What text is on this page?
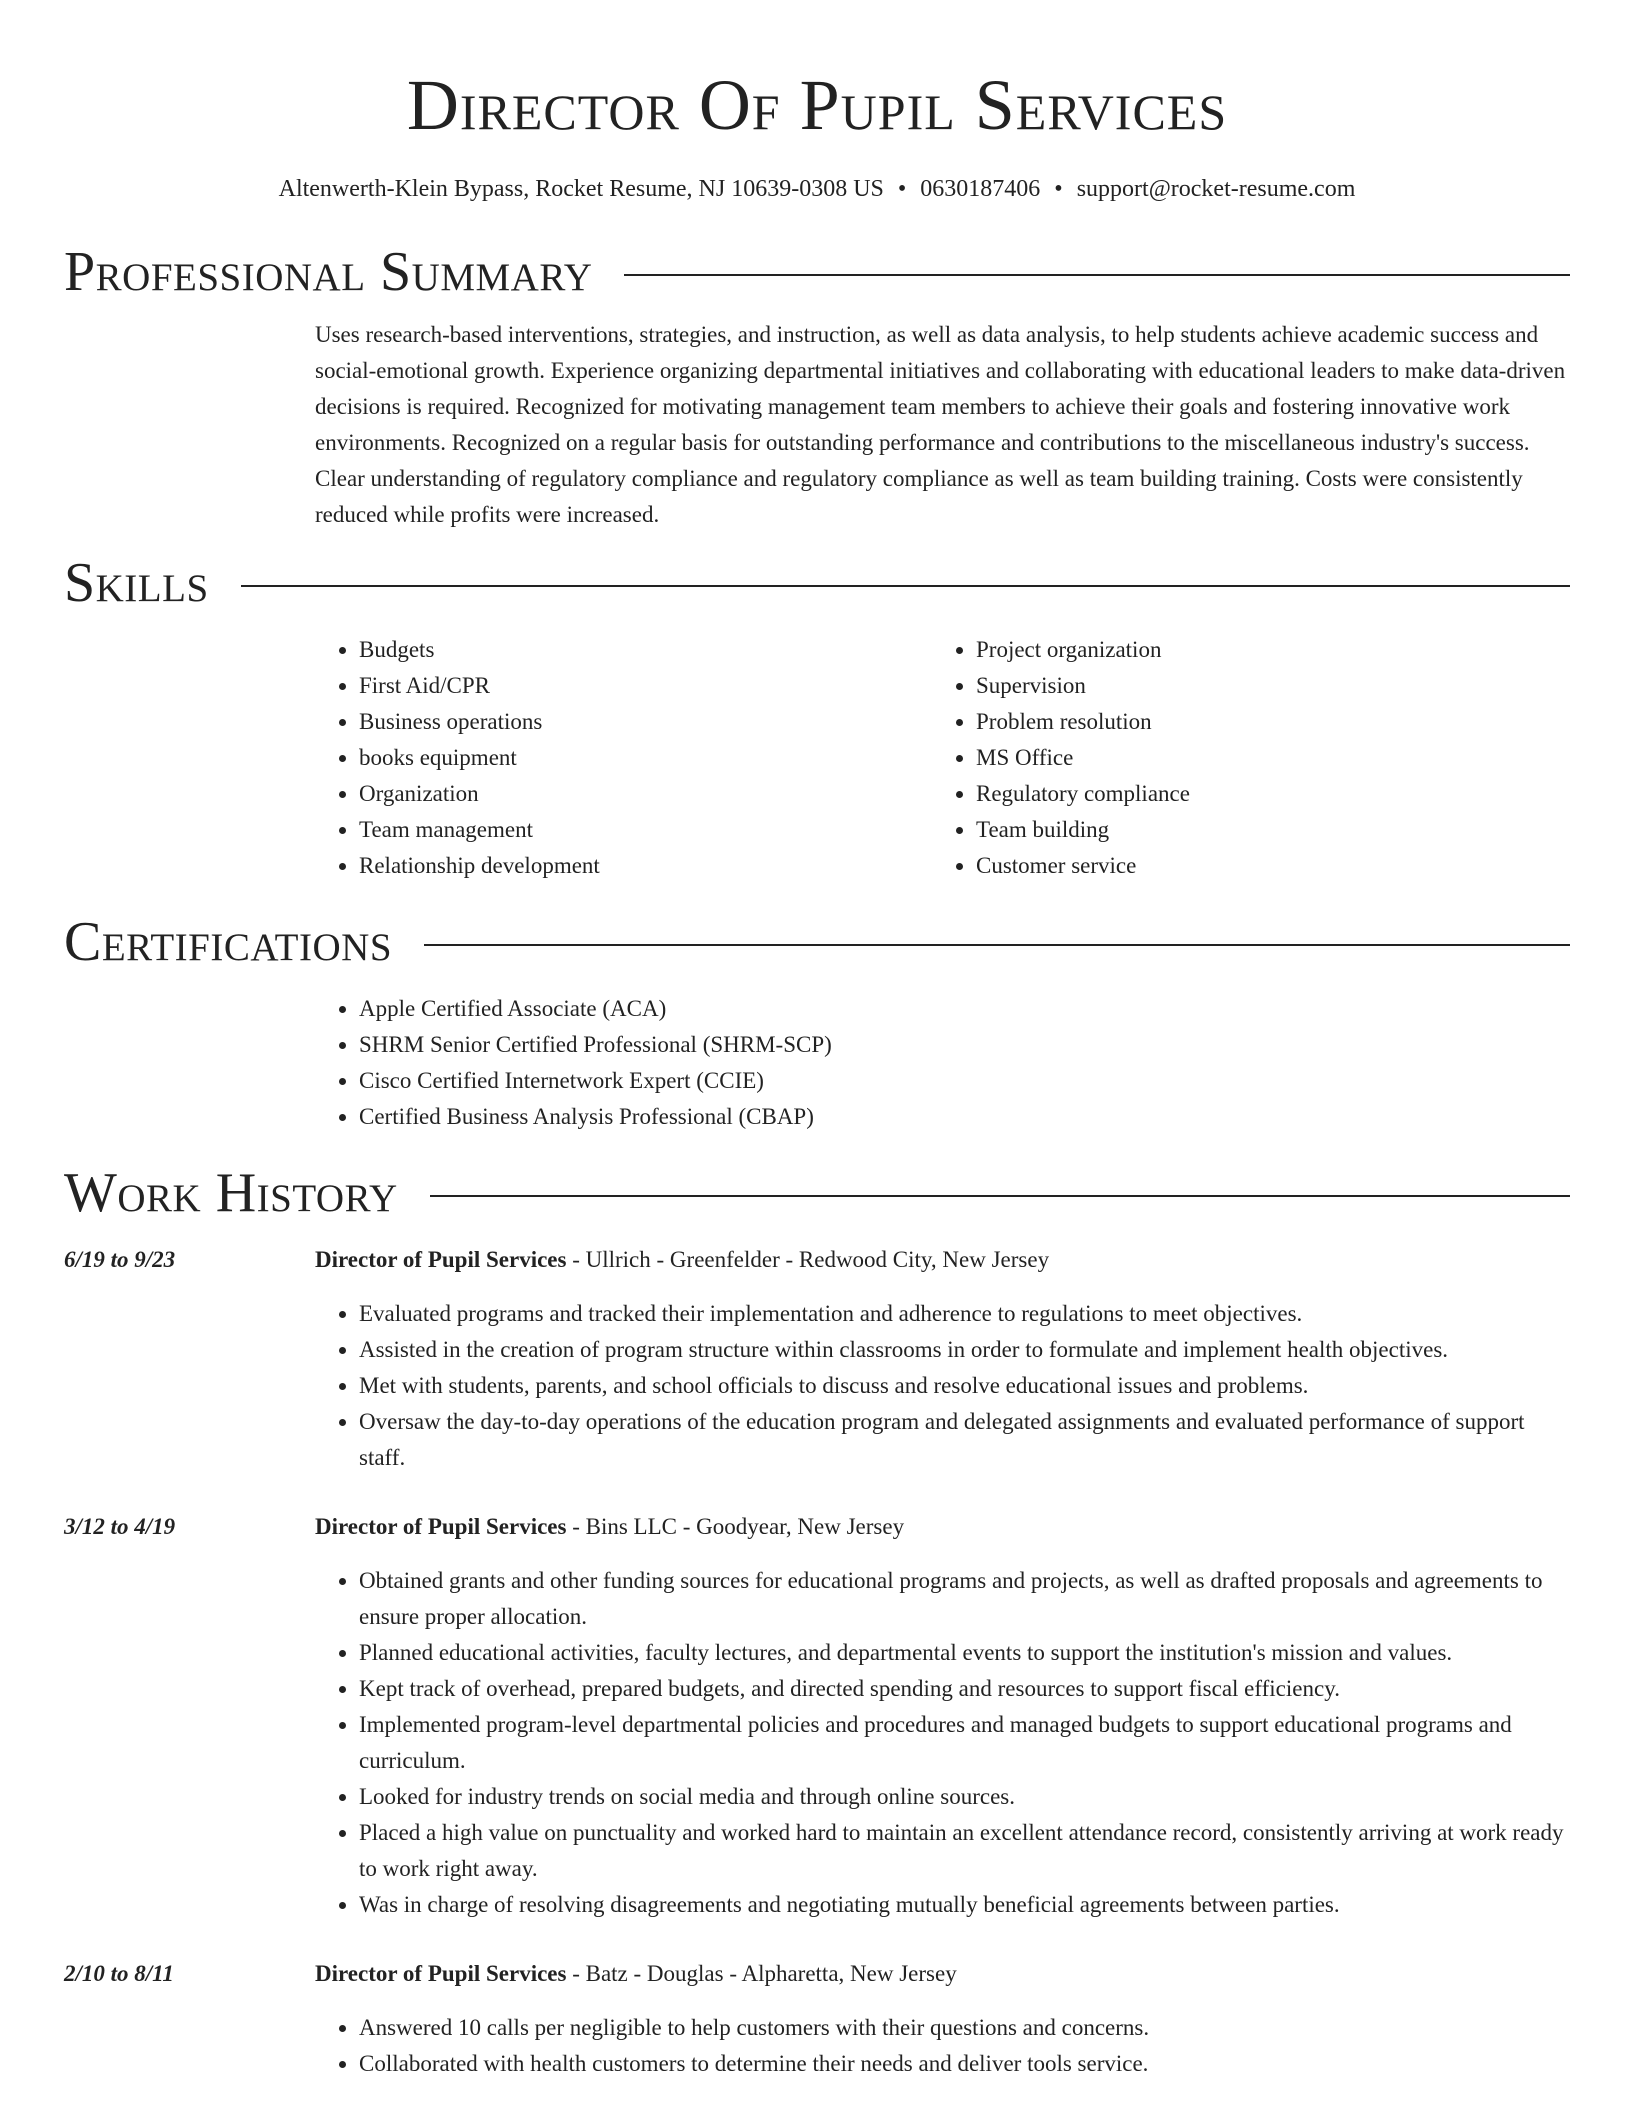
Director Of Pupil Services
Altenwerth-Klein Bypass, Rocket Resume, NJ 10639-0308 US • 0630187406 • support@rocket-resume.com
Professional Summary

Uses research-based interventions, strategies, and instruction, as well as data analysis, to help students achieve academic success and social-emotional growth. Experience organizing departmental initiatives and collaborating with educational leaders to make data-driven decisions is required. Recognized for motivating management team members to achieve their goals and fostering innovative work environments. Recognized on a regular basis for outstanding performance and contributions to the miscellaneous industry's success. Clear understanding of regulatory compliance and regulatory compliance as well as team building training. Costs were consistently reduced while profits were increased.

Skills
• Budgets
• First Aid/CPR
• Business operations
• books equipment
• Organization
• Team management
• Relationship development
• Project organization
• Supervision
• Problem resolution
• MS Office
• Regulatory compliance
• Team building
• Customer service
Certifications
• Apple Certified Associate (ACA)
• SHRM Senior Certified Professional (SHRM-SCP)
• Cisco Certified Internetwork Expert (CCIE)
• Certified Business Analysis Professional (CBAP)
Work History
6/19 to 9/23	Director of Pupil Services - Ullrich - Greenfelder - Redwood City, New Jersey
• Evaluated programs and tracked their implementation and adherence to regulations to meet objectives.
• Assisted in the creation of program structure within classrooms in order to formulate and implement health objectives.
• Met with students, parents, and school officials to discuss and resolve educational issues and problems.
• Oversaw the day-to-day operations of the education program and delegated assignments and evaluated performance of support staff.
3/12 to 4/19	Director of Pupil Services - Bins LLC - Goodyear, New Jersey
• Obtained grants and other funding sources for educational programs and projects, as well as drafted proposals and agreements to ensure proper allocation.
• Planned educational activities, faculty lectures, and departmental events to support the institution's mission and values.
• Kept track of overhead, prepared budgets, and directed spending and resources to support fiscal efficiency.
• Implemented program-level departmental policies and procedures and managed budgets to support educational programs and curriculum.
• Looked for industry trends on social media and through online sources.
• Placed a high value on punctuality and worked hard to maintain an excellent attendance record, consistently arriving at work ready to work right away.
• Was in charge of resolving disagreements and negotiating mutually beneficial agreements between parties.
2/10 to 8/11	Director of Pupil Services - Batz - Douglas - Alpharetta, New Jersey
• Answered 10 calls per negligible to help customers with their questions and concerns.
• Collaborated with health customers to determine their needs and deliver tools service.
